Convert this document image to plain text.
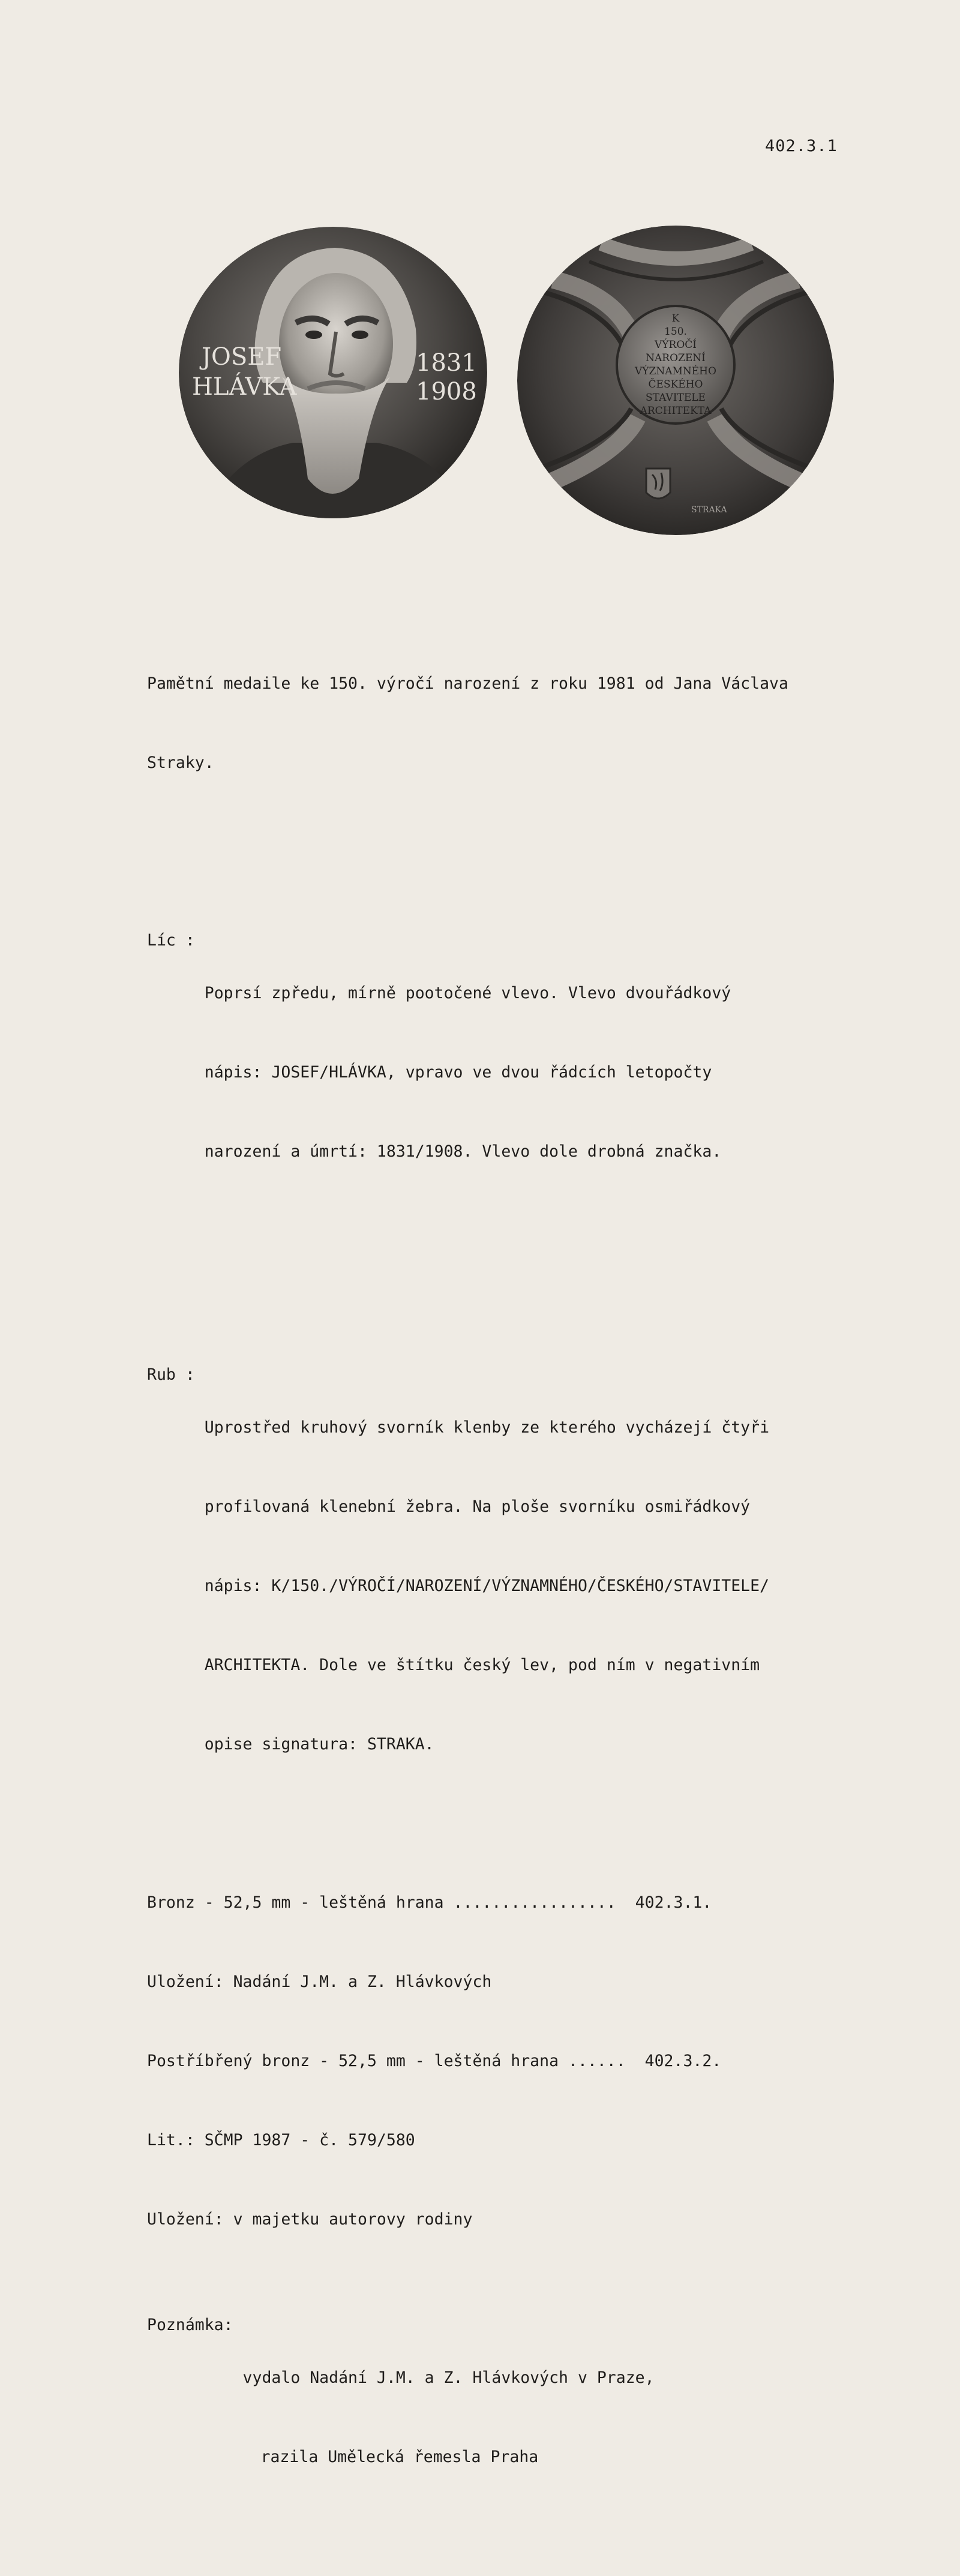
402.3.1
JOSEF
HLÁVKA
1831
1908
K
150.
VÝROČÍ
NAROZENÍ
VÝZNAMNÉHO
ČESKÉHO
STAVITELE
ARCHITEKTA
STRAKA

Pamětní medaile ke 150. výročí narození z roku 1981 od Jana Václava

Straky.

Líc :

Poprsí zpředu, mírně pootočené vlevo. Vlevo dvouřádkový

nápis: JOSEF/HLÁVKA, vpravo ve dvou řádcích letopočty

narození a úmrtí: 1831/1908. Vlevo dole drobná značka.

Rub :

Uprostřed kruhový svorník klenby ze kterého vycházejí čtyři

profilovaná klenební žebra. Na ploše svorníku osmiřádkový

nápis: K/150./VÝROČÍ/NAROZENÍ/VÝZNAMNÉHO/ČESKÉHO/STAVITELE/

ARCHITEKTA. Dole ve štítku český lev, pod ním v negativním

opise signatura: STRAKA.

Bronz - 52,5 mm - leštěná hrana .................  402.3.1.

Uložení: Nadání J.M. a Z. Hlávkových

Postříbřený bronz - 52,5 mm - leštěná hrana ......  402.3.2.

Lit.: SČMP 1987 - č. 579/580

Uložení: v majetku autorovy rodiny

Poznámka:

vydalo Nadání J.M. a Z. Hlávkových v Praze,

razila Umělecká řemesla Praha
